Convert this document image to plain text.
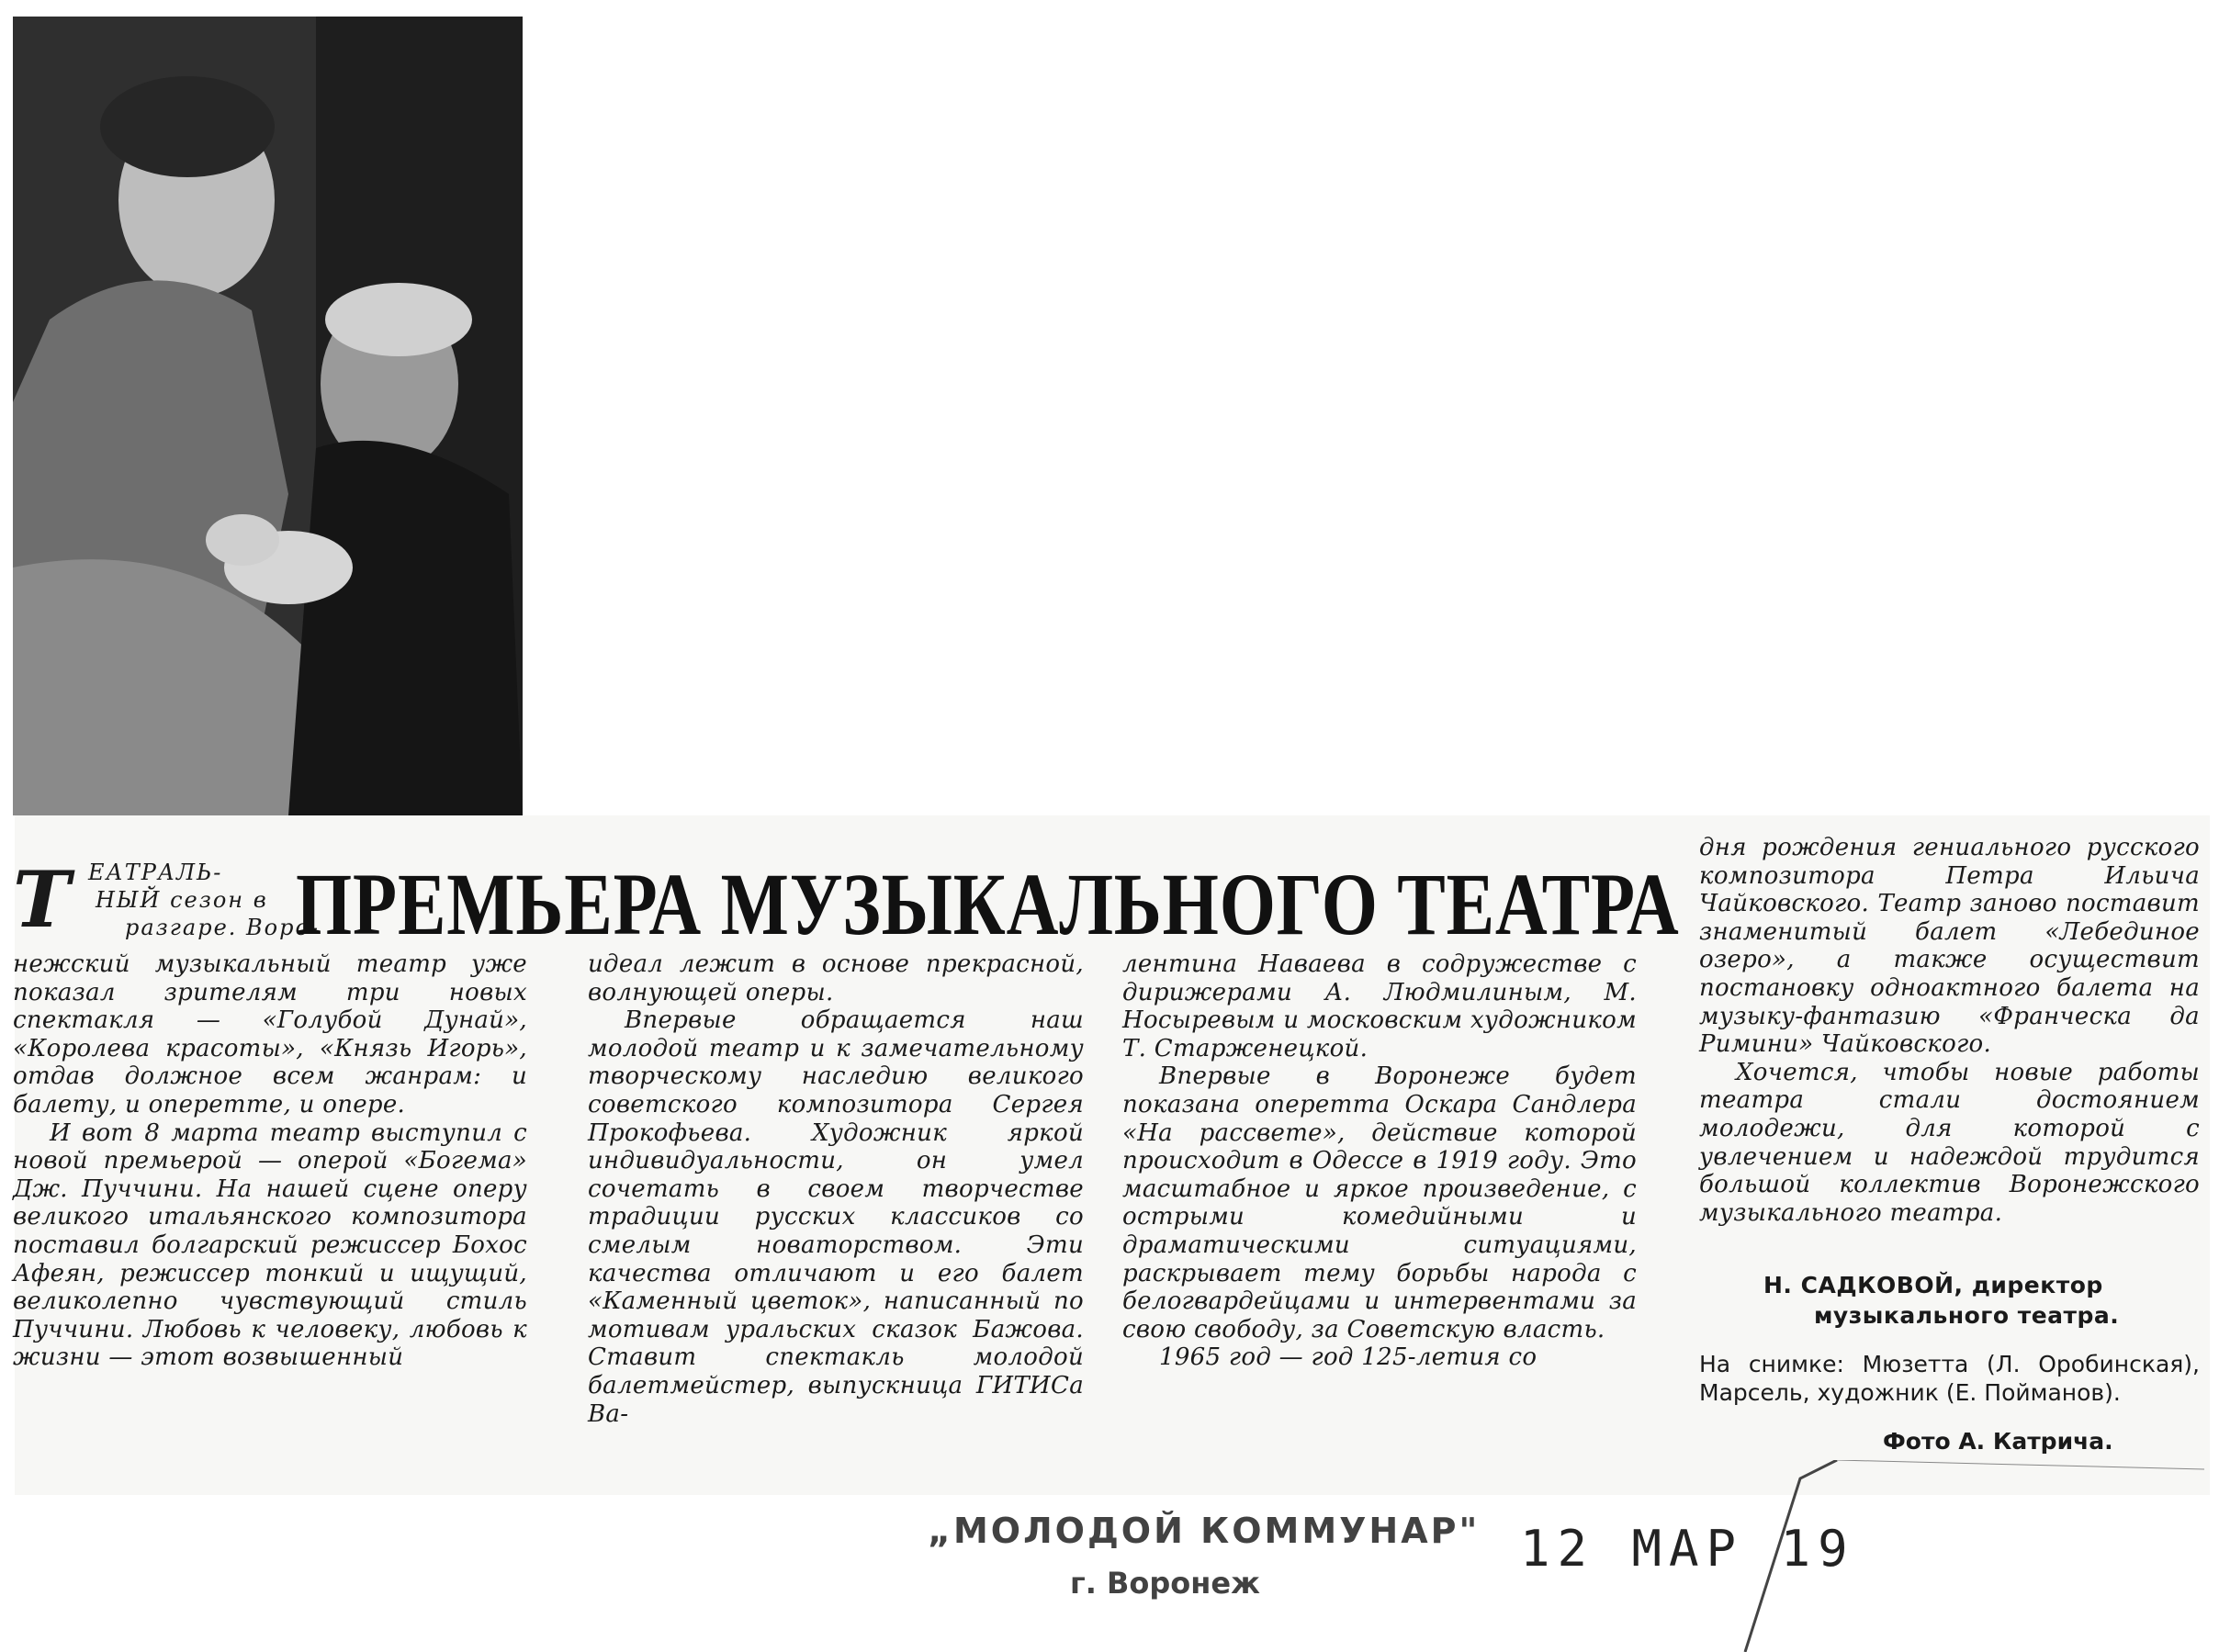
Т ЕАТРАЛЬ-
НЫЙ сезон в
разгаре. Воро-
ПРЕМЬЕРА МУЗЫКАЛЬНОГО ТЕАТРА

нежский музыкальный театр уже показал зрителям три новых спектакля — «Голубой Дунай», «Королева красоты», «Князь Игорь», отдав должное всем жанрам: и балету, и оперетте, и опере.

И вот 8 марта театр выступил с новой премьерой — оперой «Богема» Дж. Пуччини. На нашей сцене оперу великого итальянского композитора поставил болгарский режиссер Бохос Афеян, режиссер тонкий и ищущий, великолепно чувствующий стиль Пуччини. Любовь к человеку, любовь к жизни — этот возвышенный

идеал лежит в основе прекрасной, волнующей оперы.

Впервые обращается наш молодой театр и к замечательному творческому наследию великого советского композитора Сергея Прокофьева. Художник яркой индивидуальности, он умел сочетать в своем творчестве традиции русских классиков со смелым новаторством. Эти качества отличают и его балет «Каменный цветок», написанный по мотивам уральских сказок Бажова. Ставит спектакль молодой балетмейстер, выпускница ГИТИСа Ва-

лентина Наваева в содружестве с дирижерами А. Людмилиным, М. Носыревым и московским художником Т. Старженецкой.

Впервые в Воронеже будет показана оперетта Оскара Сандлера «На рассвете», действие которой происходит в Одессе в 1919 году. Это масштабное и яркое произведение, с острыми комедийными и драматическими ситуациями, раскрывает тему борьбы народа с белогвардейцами и интервентами за свою свободу, за Советскую власть.

1965 год — год 125-летия со

дня рождения гениального русского композитора Петра Ильича Чайковского. Театр заново поставит знаменитый балет «Лебединое озеро», а также осуществит постановку одноактного балета на музыку-фантазию «Франческа да Римини» Чайковского.

Хочется, чтобы новые работы театра стали достоянием молодежи, для которой с увлечением и надеждой трудится большой коллектив Воронежского музыкального театра.

Н. САДКОВОЙ, директор
музыкального театра.
На снимке: Мюзетта (Л. Оробинская), Марсель, художник (Е. Пойманов).
Фото А. Катрича.
„МОЛОДОЙ КОММУНАР"
г. Воронеж
12 МАР 19
